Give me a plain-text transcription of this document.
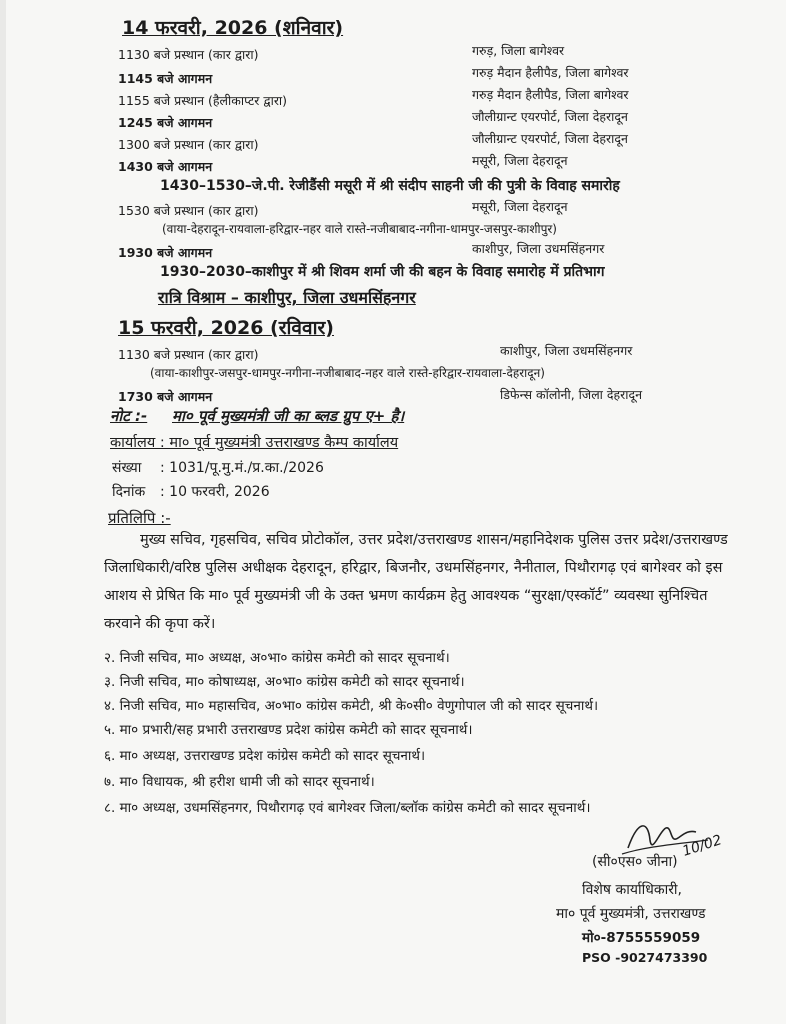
14 फरवरी, 2026 (शनिवार)
1130 बजे प्रस्थान (कार द्वारा)	गरुड़, जिला बागेश्वर
1145 बजे आगमन	गरुड़ मैदान हैलीपैड, जिला बागेश्वर
1155 बजे प्रस्थान (हैलीकाप्टर द्वारा)	गरुड़ मैदान हैलीपैड, जिला बागेश्वर
1245 बजे आगमन	जौलीग्रान्ट एयरपोर्ट, जिला देहरादून
1300 बजे प्रस्थान (कार द्वारा)	जौलीग्रान्ट एयरपोर्ट, जिला देहरादून
1430 बजे आगमन	मसूरी, जिला देहरादून
1430–1530–जे.पी. रेजीडैंसी मसूरी में श्री संदीप साहनी जी की पुत्री के विवाह समारोह
1530 बजे प्रस्थान (कार द्वारा)	मसूरी, जिला देहरादून
(वाया-देहरादून-रायवाला-हरिद्वार-नहर वाले रास्ते-नजीबाबाद-नगीना-धामपुर-जसपुर-काशीपुर)
1930 बजे आगमन	काशीपुर, जिला उधमसिंहनगर
1930–2030–काशीपुर में श्री शिवम शर्मा जी की बहन के विवाह समारोह में प्रतिभाग
रात्रि विश्राम – काशीपुर, जिला उधमसिंहनगर
15 फरवरी, 2026 (रविवार)
1130 बजे प्रस्थान (कार द्वारा)	काशीपुर, जिला उधमसिंहनगर
(वाया-काशीपुर-जसपुर-धामपुर-नगीना-नजीबाबाद-नहर वाले रास्ते-हरिद्वार-रायवाला-देहरादून)
1730 बजे आगमन	डिफेन्स कॉलोनी, जिला देहरादून
नोट :- मा० पूर्व मुख्यमंत्री जी का ब्लड ग्रुप ए+ है।
कार्यालय : मा० पूर्व मुख्यमंत्री उत्तराखण्ड कैम्प कार्यालय
संख्या : 1031/पू.मु.मं./प्र.का./2026
दिनांक : 10 फरवरी, 2026
प्रतिलिपि :-
मुख्य सचिव, गृहसचिव, सचिव प्रोटोकॉल, उत्तर प्रदेश/उत्तराखण्ड शासन/महानिदेशक पुलिस उत्तर प्रदेश/उत्तराखण्ड जिलाधिकारी/वरिष्ठ पुलिस अधीक्षक देहरादून, हरिद्वार, बिजनौर, उधमसिंहनगर, नैनीताल, पिथौरागढ़ एवं बागेश्वर को इस आशय से प्रेषित कि मा० पूर्व मुख्यमंत्री जी के उक्त भ्रमण कार्यक्रम हेतु आवश्यक “सुरक्षा/एस्कॉर्ट” व्यवस्था सुनिश्चित करवाने की कृपा करें।
२. निजी सचिव, मा० अध्यक्ष, अ०भा० कांग्रेस कमेटी को सादर सूचनार्थ।
३. निजी सचिव, मा० कोषाध्यक्ष, अ०भा० कांग्रेस कमेटी को सादर सूचनार्थ।
४. निजी सचिव, मा० महासचिव, अ०भा० कांग्रेस कमेटी, श्री के०सी० वेणुगोपाल जी को सादर सूचनार्थ।
५. मा० प्रभारी/सह प्रभारी उत्तराखण्ड प्रदेश कांग्रेस कमेटी को सादर सूचनार्थ।
६. मा० अध्यक्ष, उत्तराखण्ड प्रदेश कांग्रेस कमेटी को सादर सूचनार्थ।
७. मा० विधायक, श्री हरीश धामी जी को सादर सूचनार्थ।
८. मा० अध्यक्ष, उधमसिंहनगर, पिथौरागढ़ एवं बागेश्वर जिला/ब्लॉक कांग्रेस कमेटी को सादर सूचनार्थ।
10/02
(सी०एस० जीना)
विशेष कार्याधिकारी,
मा० पूर्व मुख्यमंत्री, उत्तराखण्ड
मो०-8755559059
PSO -9027473390
